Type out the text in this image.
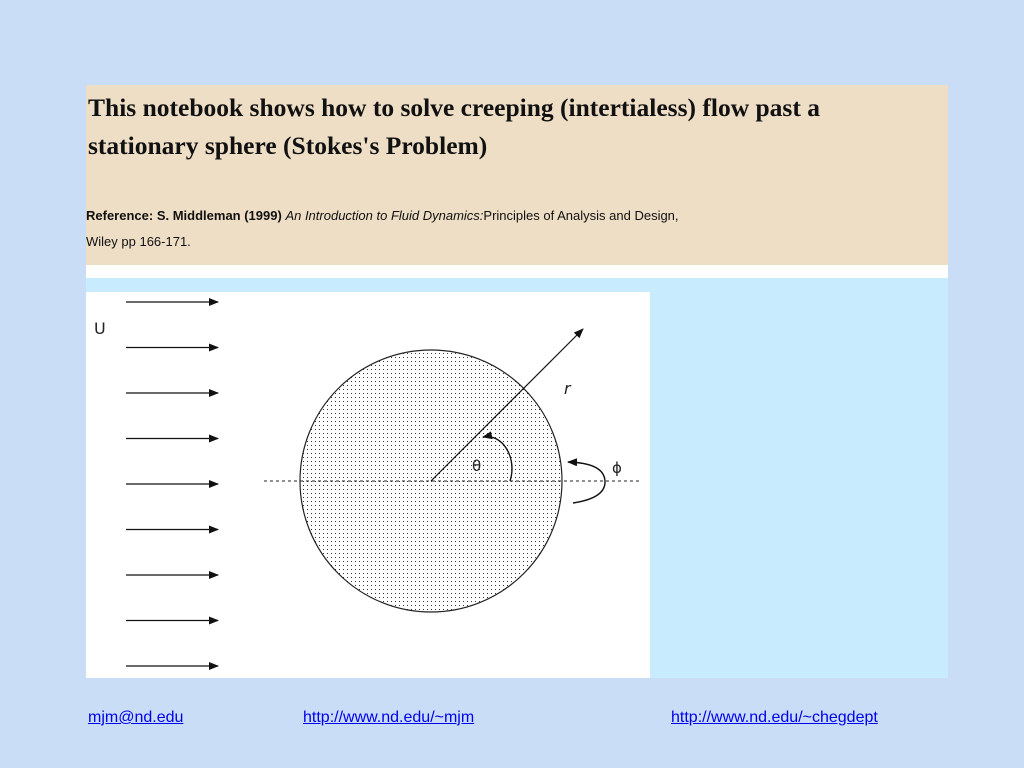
This notebook shows how to solve creeping (intertialess) flow past a
stationary sphere (Stokes's Problem)
Reference: S. Middleman (1999) An Introduction to Fluid Dynamics:Principles of Analysis and Design,
Wiley pp 166-171.
U
r
θ	ϕ
mjm@nd.edu	http://www.nd.edu/~mjm	http://www.nd.edu/~chegdept
